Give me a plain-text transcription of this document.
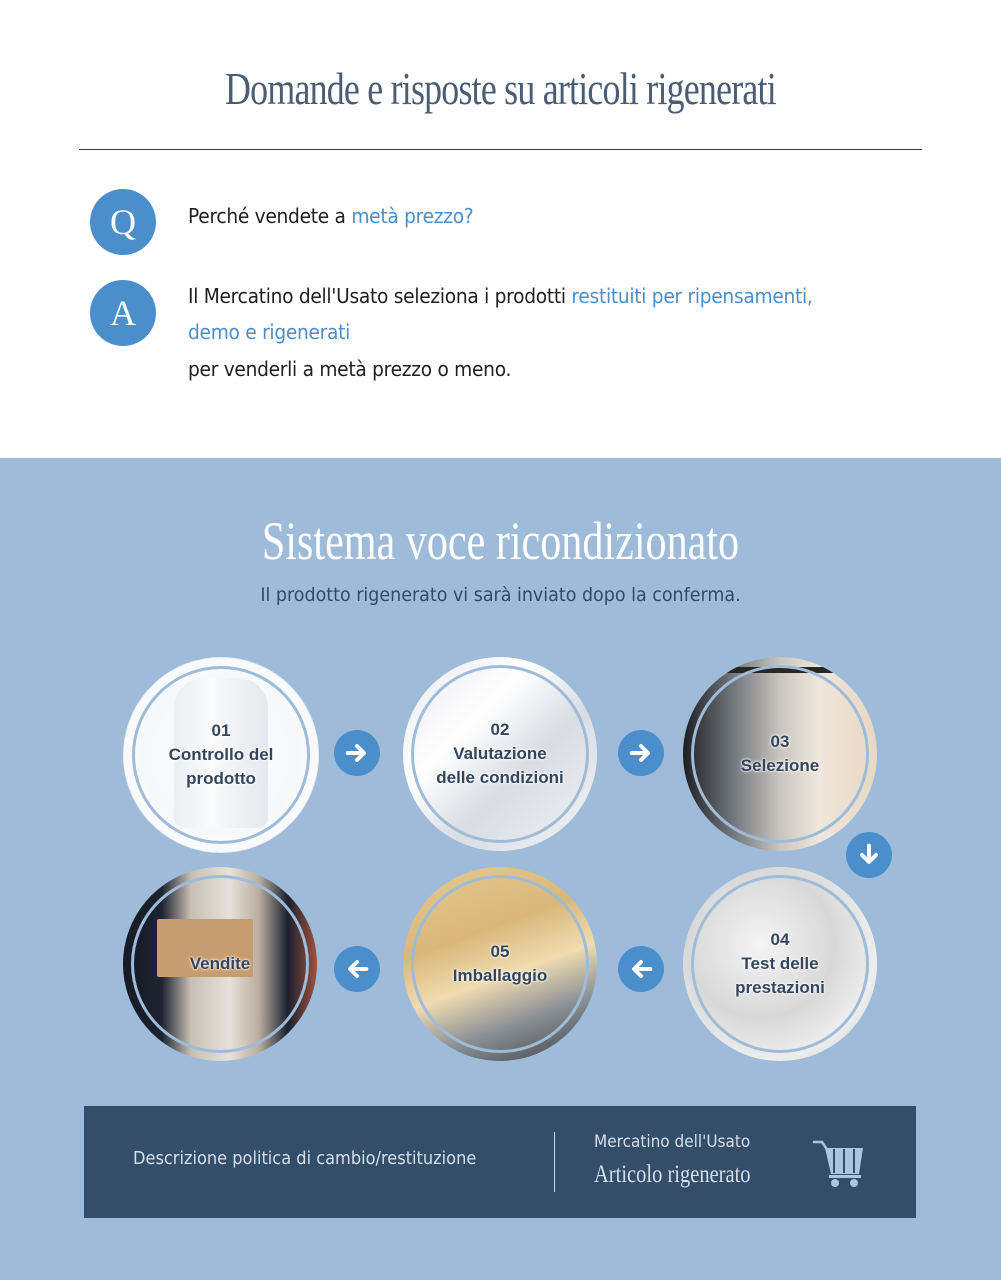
Domande e risposte su articoli rigenerati
Q	Perché vendete a metà prezzo?
A	Il Mercatino dell'Usato seleziona i prodotti restituiti per ripensamenti,
demo e rigenerati
per venderli a metà prezzo o meno.
Sistema voce ricondizionato
Il prodotto rigenerato vi sarà inviato dopo la conferma.
01
Controllo del
prodotto
02
Valutazione
delle condizioni
03
Selezione
04
Test delle
prestazioni
05
Imballaggio
Vendite
Descrizione politica di cambio/restituzione
Mercatino dell'Usato
Articolo rigenerato
